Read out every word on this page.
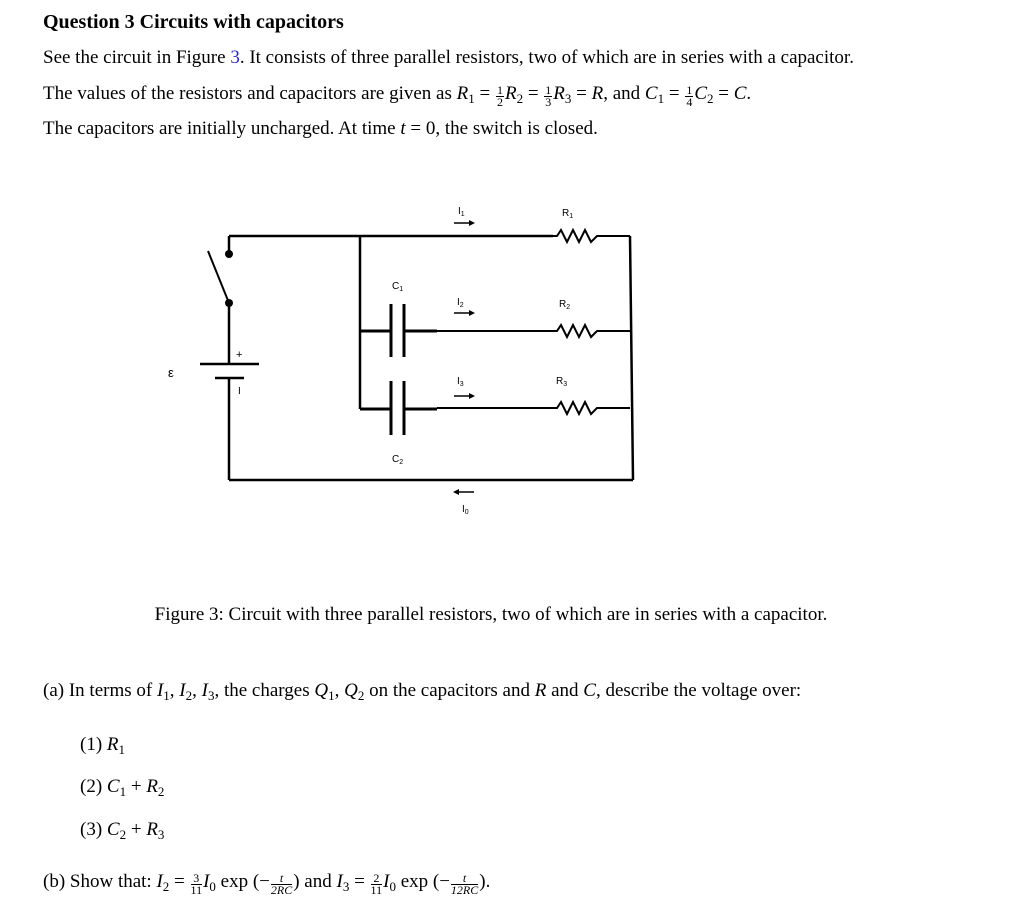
Question 3 Circuits with capacitors
See the circuit in Figure 3. It consists of three parallel resistors, two of which are in series with a capacitor.
The values of the resistors and capacitors are given as $R_1 = \frac{1}{2} R_2 = \frac{1}{3} R_3 = R$, and $C_1 = \frac{1}{4} C_2 = C$.
The capacitors are initially uncharged. At time t = 0, the switch is closed.
$I_1$	$R_1$
$C_1$
$I_2$	$R_2$
$I_3$	$R_3$
$C_2$
$I_0$
ε
+
I
Figure 3: Circuit with three parallel resistors, two of which are in series with a capacitor.
(a) In terms of $I_1$, $I_2$, $I_3$, the charges $Q_1$, $Q_2$ on the capacitors and R and C, describe the voltage over:
(1) $R_1$
(2) $C_1 + R_2$
(3) $C_2 + R_3$
(b) Show that: $I_2 = \frac{3}{11} I_0$ exp (− $\frac{t}{2RC}$ ) and $I_3 = \frac{2}{11} I_0$ exp (− $\frac{t}{12RC}$ ).
